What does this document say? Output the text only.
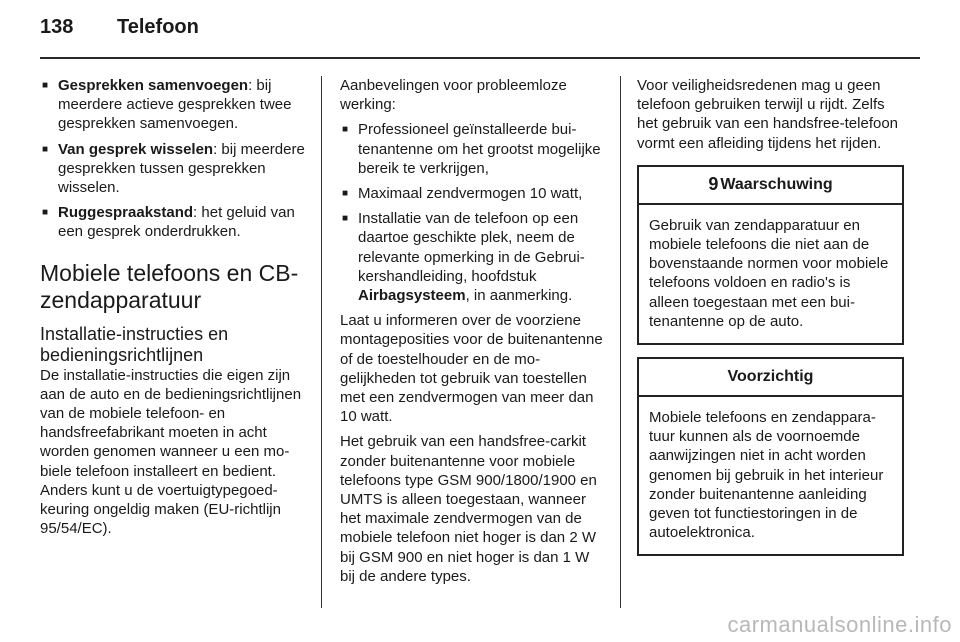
138 Telefoon
■ Gesprekken samenvoegen: bij meerdere actieve gesprekken twee gesprekken samenvoegen.
■ Van gesprek wisselen: bij meerdere gesprekken tussen gesprekken wisselen.
■ Ruggespraakstand: het geluid van een gesprek onderdrukken.
Mobiele telefoons en CB-zendapparatuur
Installatie-instructies en bedieningsrichtlijnen

De installatie-instructies die eigen zijn aan de auto en de bedieningsrichtlijnen van de mobiele telefoon- en handsfreefabrikant moeten in acht worden genomen wanneer u een mobiele telefoon installeert en bedient. Anders kunt u de voertuigtypegoedkeuring ongeldig maken (EU-richtlijn 95/54/EC).

Aanbevelingen voor probleemloze werking:

■ Professioneel geïnstalleerde buitenantenne om het grootst mogelijke bereik te verkrijgen,
■ Maximaal zendvermogen 10 watt,
■ Installatie van de telefoon op een daartoe geschikte plek, neem de relevante opmerking in de Gebruikershandleiding, hoofdstuk Airbagsysteem, in aanmerking.

Laat u informeren over de voorziene montageposities voor de buitenantenne of de toestelhouder en de mogelijkheden tot gebruik van toestellen met een zendvermogen van meer dan 10 watt.

Het gebruik van een handsfree-carkit zonder buitenantenne voor mobiele telefoons type GSM 900/1800/1900 en UMTS is alleen toegestaan, wanneer het maximale zendvermogen van de mobiele telefoon niet hoger is dan 2 W bij GSM 900 en niet hoger is dan 1 W bij de andere types.

Voor veiligheidsredenen mag u geen telefoon gebruiken terwijl u rijdt. Zelfs het gebruik van een handsfree-telefoon vormt een afleiding tijdens het rijden.

9 Waarschuwing
Gebruik van zendapparatuur en mobiele telefoons die niet aan de bovenstaande normen voor mobiele telefoons voldoen en radio's is alleen toegestaan met een buitenantenne op de auto.
Voorzichtig
Mobiele telefoons en zendapparatuur kunnen als de voornoemde aanwijzingen niet in acht worden genomen bij gebruik in het interieur zonder buitenantenne aanleiding geven tot functiestoringen in de autoelektronica.
carmanualsonline.info
